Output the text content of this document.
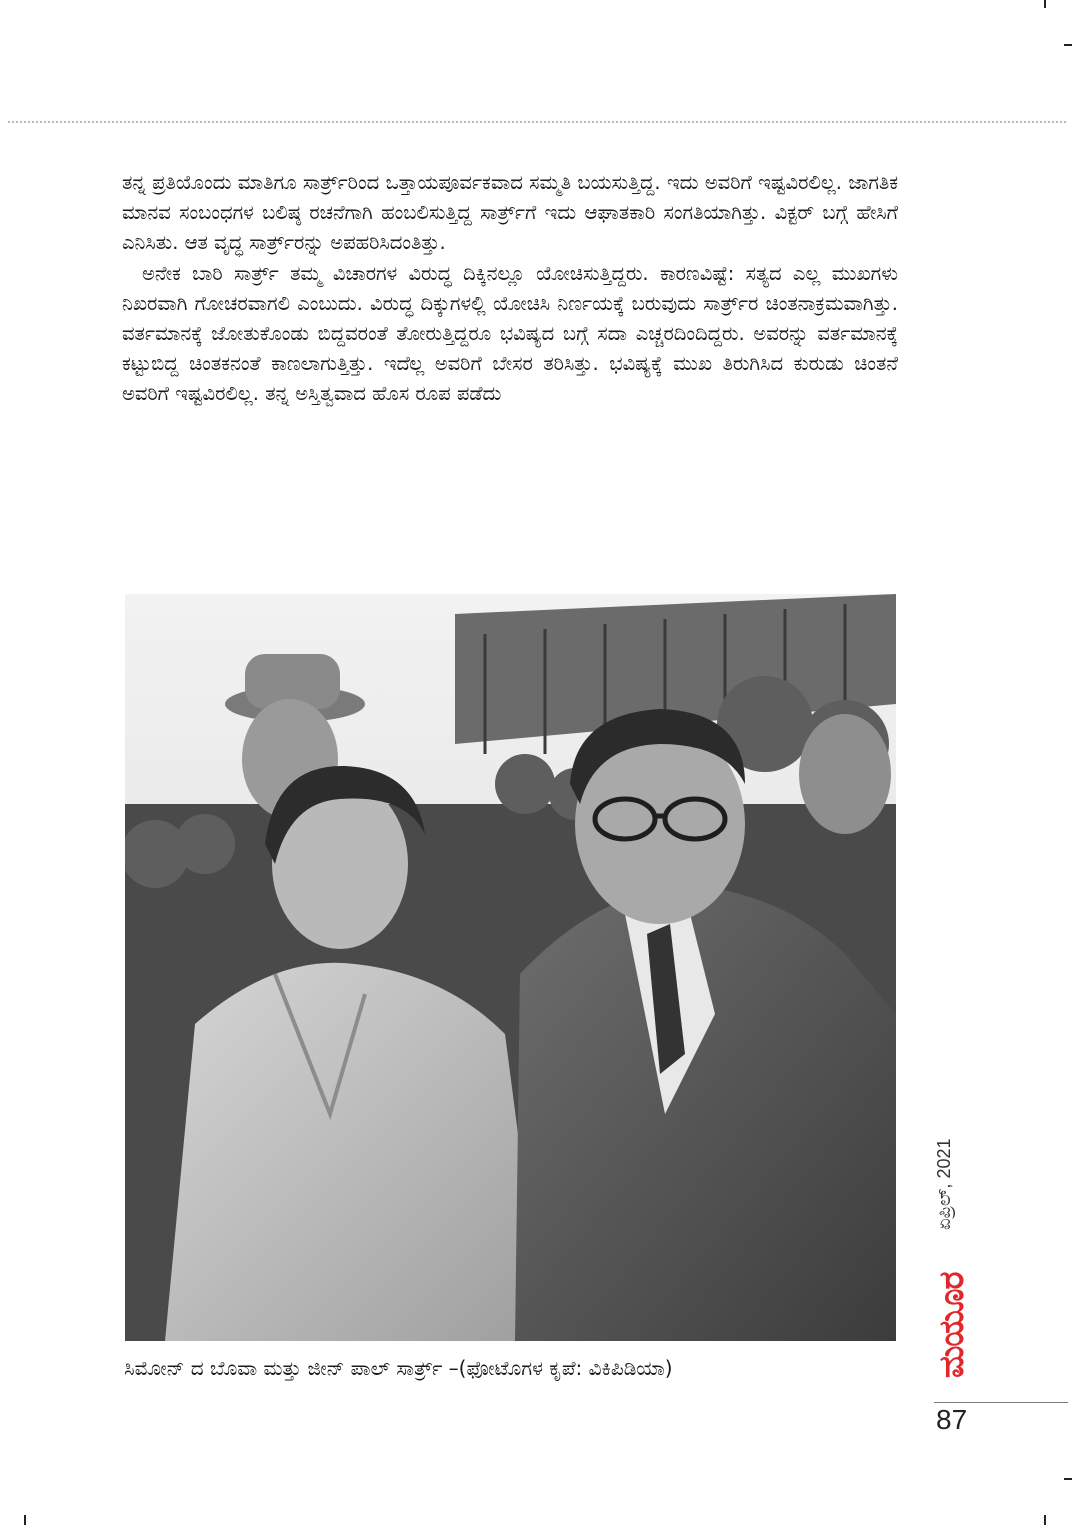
ತನ್ನ ಪ್ರತಿಯೊಂದು ಮಾತಿಗೂ ಸಾರ್ತ್ರ್‌ರಿಂದ ಒತ್ತಾಯಪೂರ್ವಕವಾದ ಸಮ್ಮತಿ ಬಯಸುತ್ತಿದ್ದ. ಇದು ಅವರಿಗೆ ಇಷ್ಟವಿರಲಿಲ್ಲ. ಜಾಗತಿಕ ಮಾನವ ಸಂಬಂಧಗಳ ಬಲಿಷ್ಠ ರಚನೆಗಾಗಿ ಹಂಬಲಿಸುತ್ತಿದ್ದ ಸಾರ್ತ್ರ್‌ಗೆ ಇದು ಆಘಾತಕಾರಿ ಸಂಗತಿಯಾಗಿತ್ತು. ವಿಕ್ಟರ್ ಬಗ್ಗೆ ಹೇಸಿಗೆ ಎನಿಸಿತು. ಆತ ವೃದ್ಧ ಸಾರ್ತ್ರ್‌ರನ್ನು ಅಪಹರಿಸಿದಂತಿತ್ತು.

ಅನೇಕ ಬಾರಿ ಸಾರ್ತ್ರ್ ತಮ್ಮ ವಿಚಾರಗಳ ವಿರುದ್ಧ ದಿಕ್ಕಿನಲ್ಲೂ ಯೋಚಿಸುತ್ತಿದ್ದರು. ಕಾರಣವಿಷ್ಟೆ: ಸತ್ಯದ ಎಲ್ಲ ಮುಖಗಳು ನಿಖರವಾಗಿ ಗೋಚರವಾಗಲಿ ಎಂಬುದು. ವಿರುದ್ಧ ದಿಕ್ಕುಗಳಲ್ಲಿ ಯೋಚಿಸಿ ನಿರ್ಣಯಕ್ಕೆ ಬರುವುದು ಸಾರ್ತ್ರ್‌ರ ಚಿಂತನಾಕ್ರಮವಾಗಿತ್ತು. ವರ್ತಮಾನಕ್ಕೆ ಜೋತುಕೊಂಡು ಬಿದ್ದವರಂತೆ ತೋರುತ್ತಿದ್ದರೂ ಭವಿಷ್ಯದ ಬಗ್ಗೆ ಸದಾ ಎಚ್ಚರದಿಂದಿದ್ದರು. ಅವರನ್ನು ವರ್ತಮಾನಕ್ಕೆ ಕಟ್ಟುಬಿದ್ದ ಚಿಂತಕನಂತೆ ಕಾಣಲಾಗುತ್ತಿತ್ತು. ಇದೆಲ್ಲ ಅವರಿಗೆ ಬೇಸರ ತರಿಸಿತ್ತು. ಭವಿಷ್ಯಕ್ಕೆ ಮುಖ ತಿರುಗಿಸಿದ ಕುರುಡು ಚಿಂತನೆ ಅವರಿಗೆ ಇಷ್ಟವಿರಲಿಲ್ಲ. ತನ್ನ ಅಸ್ತಿತ್ವವಾದ ಹೊಸ ರೂಪ ಪಡೆದು

ಸಿಮೋನ್ ದ ಬೊವಾ ಮತ್ತು ಜೀನ್ ಪಾಲ್ ಸಾರ್ತ್ರ್ –(ಫೋಟೊಗಳ ಕೃಪೆ: ವಿಕಿಪಿಡಿಯಾ)
ಏಪ್ರಿಲ್, 2021
ಮಯೂರ
87
